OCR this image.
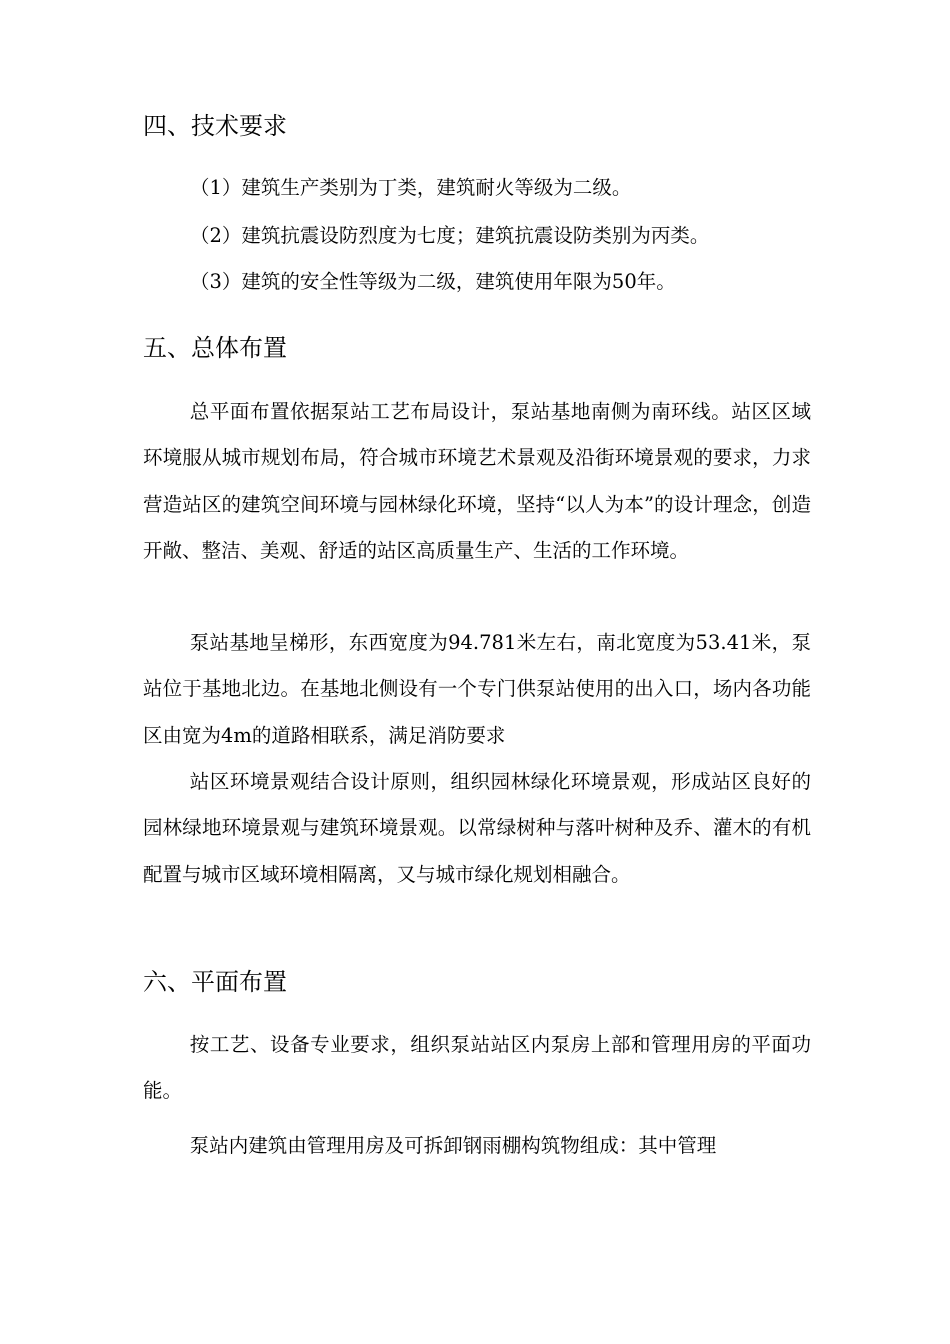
四、技术要求
（1）建筑生产类别为丁类，建筑耐火等级为二级。
（2）建筑抗震设防烈度为七度；建筑抗震设防类别为丙类。
（3）建筑的安全性等级为二级，建筑使用年限为50年。
五、总体布置

总平面布置依据泵站工艺布局设计，泵站基地南侧为南环线。站区区域环境服从城市规划布局，符合城市环境艺术景观及沿街环境景观的要求，力求营造站区的建筑空间环境与园林绿化环境，坚持“以人为本”的设计理念，创造开敞、整洁、美观、舒适的站区高质量生产、生活的工作环境。

泵站基地呈梯形，东西宽度为94.781米左右，南北宽度为53.41米，泵站位于基地北边。在基地北侧设有一个专门供泵站使用的出入口，场内各功能区由宽为4m的道路相联系，满足消防要求

站区环境景观结合设计原则，组织园林绿化环境景观，形成站区良好的园林绿地环境景观与建筑环境景观。以常绿树种与落叶树种及乔、灌木的有机配置与城市区域环境相隔离，又与城市绿化规划相融合。

六、平面布置

按工艺、设备专业要求，组织泵站站区内泵房上部和管理用房的平面功能。

泵站内建筑由管理用房及可拆卸钢雨棚构筑物组成：其中管理
